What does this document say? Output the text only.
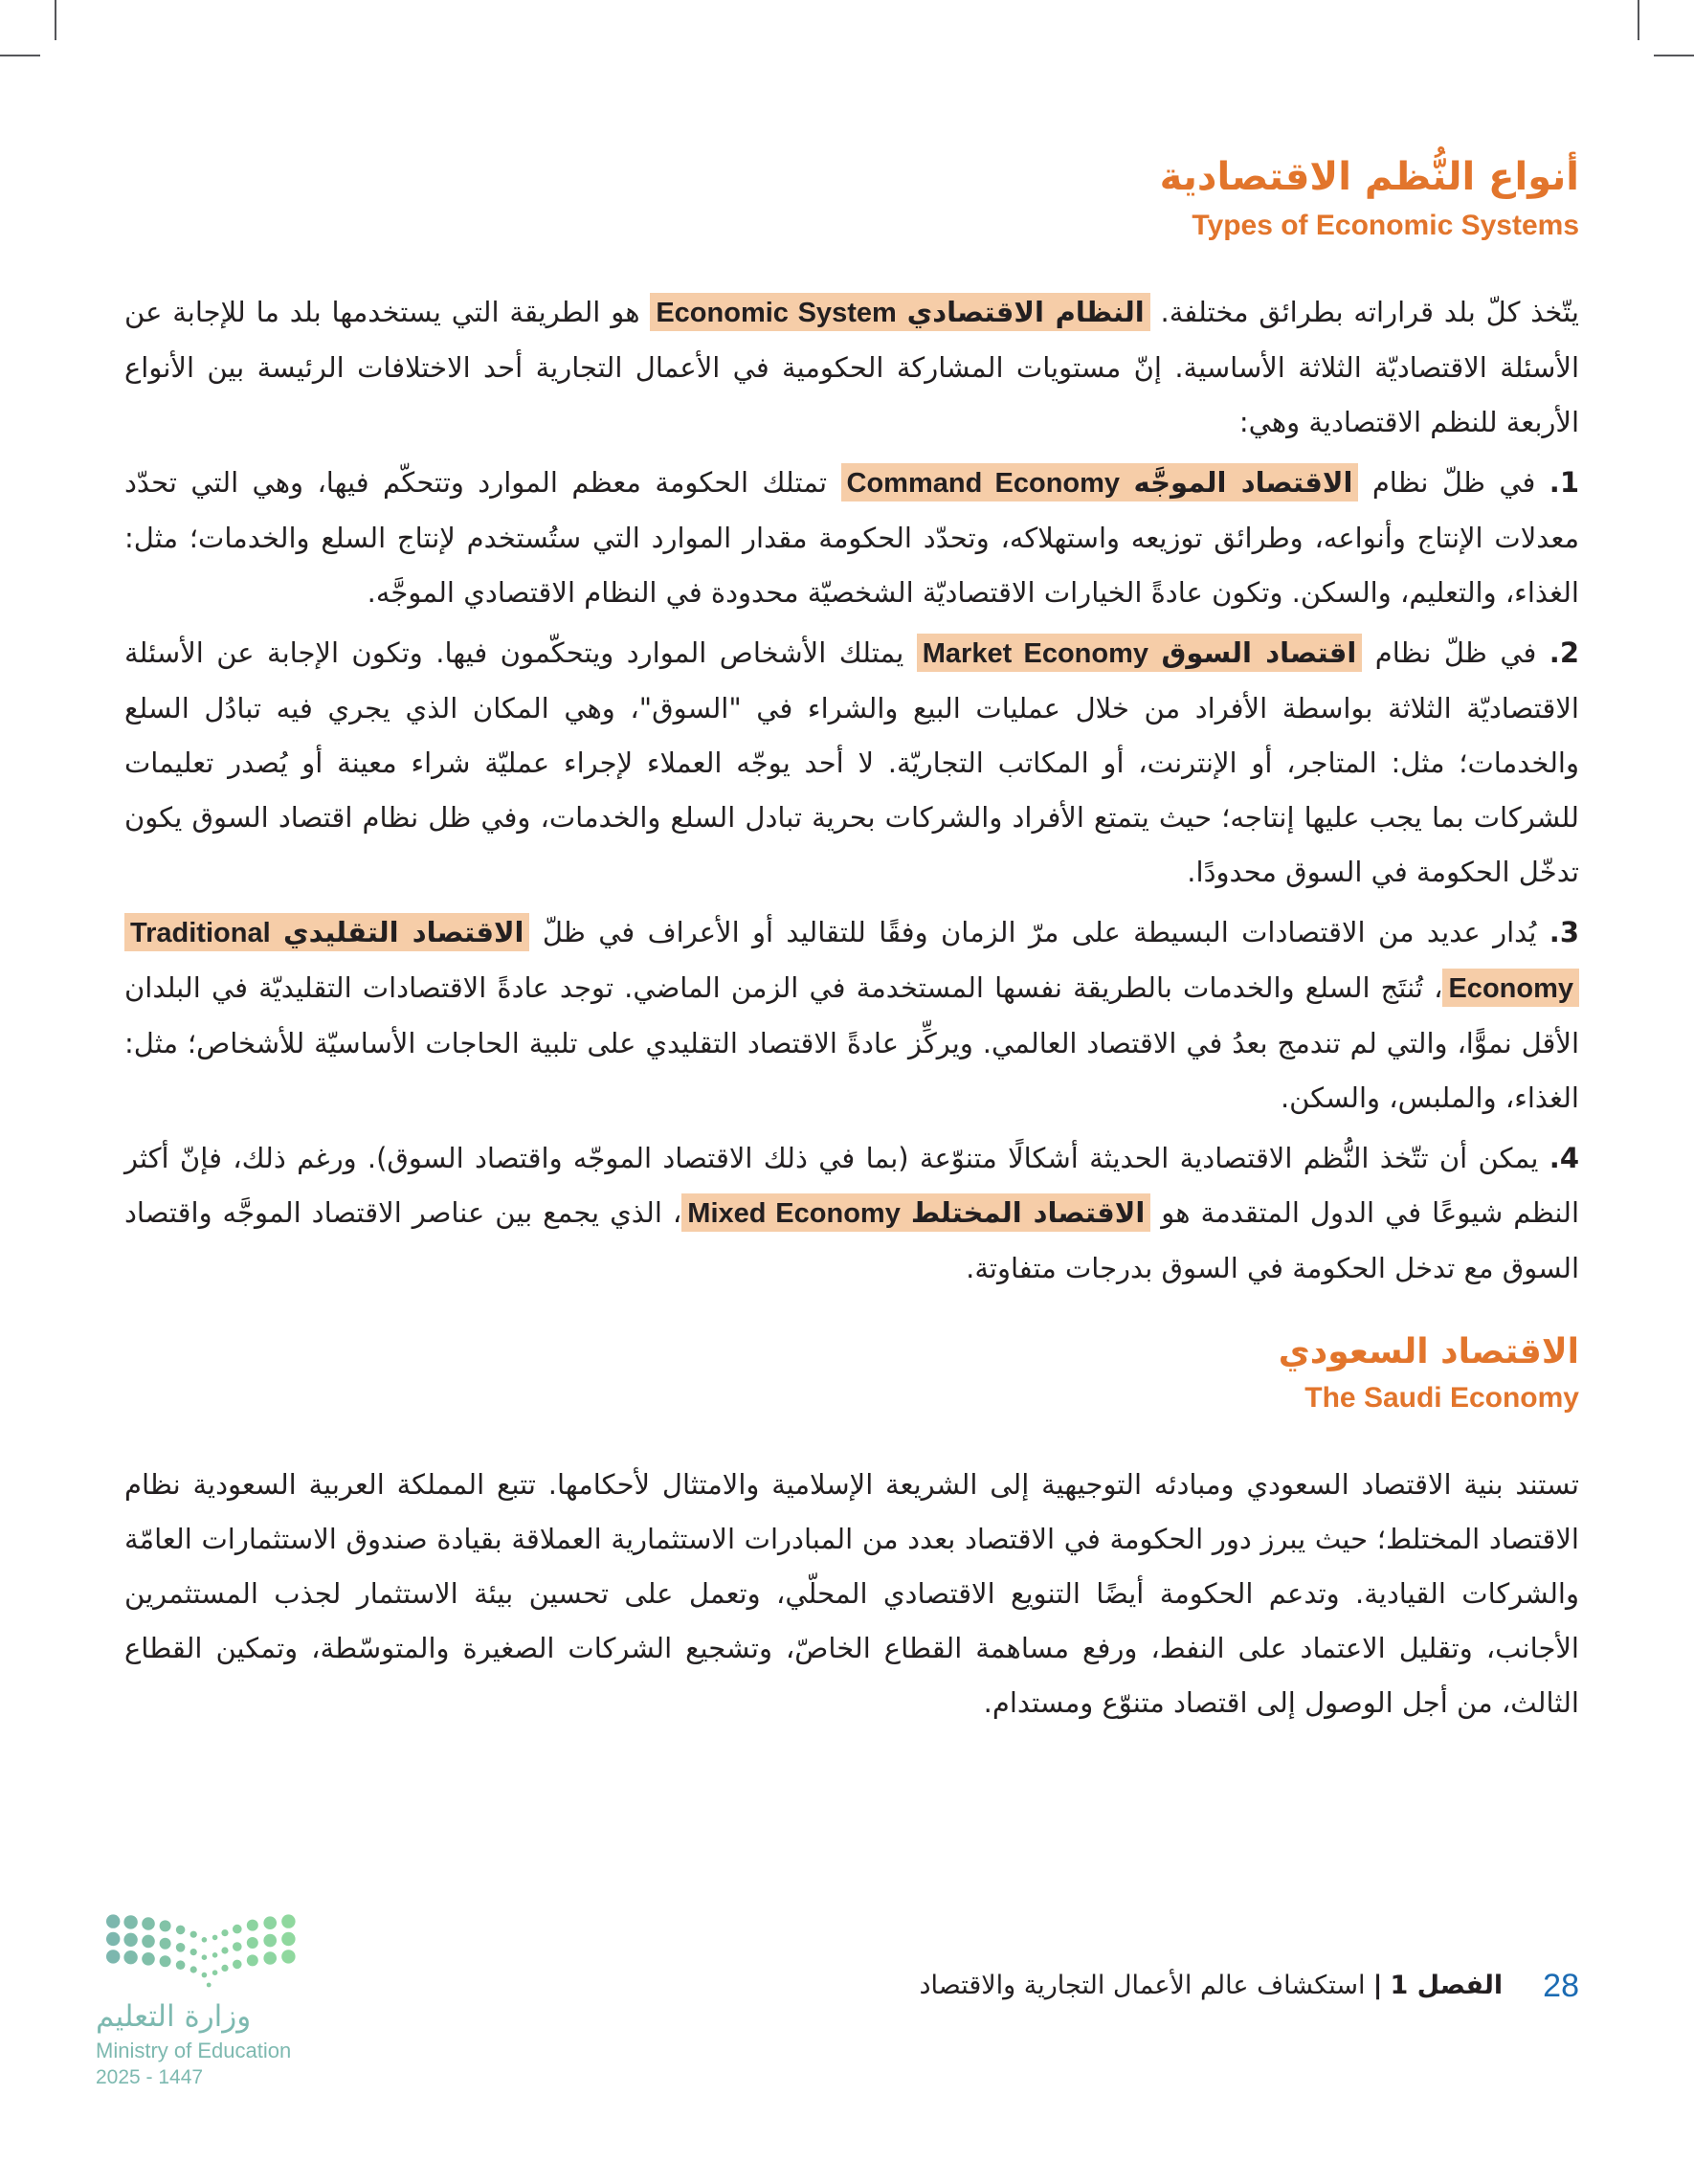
أنواع النُّظم الاقتصادية
Types of Economic Systems

يتّخذ كلّ بلد قراراته بطرائق مختلفة. النظام الاقتصادي Economic System هو الطريقة التي يستخدمها بلد ما للإجابة عن الأسئلة الاقتصاديّة الثلاثة الأساسية. إنّ مستويات المشاركة الحكومية في الأعمال التجارية أحد الاختلافات الرئيسة بين الأنواع الأربعة للنظم الاقتصادية وهي:

1. في ظلّ نظام الاقتصاد الموجَّه Command Economy تمتلك الحكومة معظم الموارد وتتحكّم فيها، وهي التي تحدّد معدلات الإنتاج وأنواعه، وطرائق توزيعه واستهلاكه، وتحدّد الحكومة مقدار الموارد التي ستُستخدم لإنتاج السلع والخدمات؛ مثل: الغذاء، والتعليم، والسكن. وتكون عادةً الخيارات الاقتصاديّة الشخصيّة محدودة في النظام الاقتصادي الموجَّه.

2. في ظلّ نظام اقتصاد السوق Market Economy يمتلك الأشخاص الموارد ويتحكّمون فيها. وتكون الإجابة عن الأسئلة الاقتصاديّة الثلاثة بواسطة الأفراد من خلال عمليات البيع والشراء في "السوق"، وهي المكان الذي يجري فيه تبادُل السلع والخدمات؛ مثل: المتاجر، أو الإنترنت، أو المكاتب التجاريّة. لا أحد يوجّه العملاء لإجراء عمليّة شراء معينة أو يُصدر تعليمات للشركات بما يجب عليها إنتاجه؛ حيث يتمتع الأفراد والشركات بحرية تبادل السلع والخدمات، وفي ظل نظام اقتصاد السوق يكون تدخّل الحكومة في السوق محدودًا.

3. يُدار عديد من الاقتصادات البسيطة على مرّ الزمان وفقًا للتقاليد أو الأعراف في ظلّ الاقتصاد التقليدي Traditional Economy، تُنتَج السلع والخدمات بالطريقة نفسها المستخدمة في الزمن الماضي. توجد عادةً الاقتصادات التقليديّة في البلدان الأقل نموًّا، والتي لم تندمج بعدُ في الاقتصاد العالمي. ويركِّز عادةً الاقتصاد التقليدي على تلبية الحاجات الأساسيّة للأشخاص؛ مثل: الغذاء، والملبس، والسكن.

4. يمكن أن تتّخذ النُّظم الاقتصادية الحديثة أشكالًا متنوّعة (بما في ذلك الاقتصاد الموجّه واقتصاد السوق). ورغم ذلك، فإنّ أكثر النظم شيوعًا في الدول المتقدمة هو الاقتصاد المختلط Mixed Economy، الذي يجمع بين عناصر الاقتصاد الموجَّه واقتصاد السوق مع تدخل الحكومة في السوق بدرجات متفاوتة.

الاقتصاد السعودي
The Saudi Economy

تستند بنية الاقتصاد السعودي ومبادئه التوجيهية إلى الشريعة الإسلامية والامتثال لأحكامها. تتبع المملكة العربية السعودية نظام الاقتصاد المختلط؛ حيث يبرز دور الحكومة في الاقتصاد بعدد من المبادرات الاستثمارية العملاقة بقيادة صندوق الاستثمارات العامّة والشركات القيادية. وتدعم الحكومة أيضًا التنويع الاقتصادي المحلّي، وتعمل على تحسين بيئة الاستثمار لجذب المستثمرين الأجانب، وتقليل الاعتماد على النفط، ورفع مساهمة القطاع الخاصّ، وتشجيع الشركات الصغيرة والمتوسّطة، وتمكين القطاع الثالث، من أجل الوصول إلى اقتصاد متنوّع ومستدام.

28
الفصل 1|استكشاف عالم الأعمال التجارية والاقتصاد
وزارة التعليم
Ministry of Education
2025 - 1447
